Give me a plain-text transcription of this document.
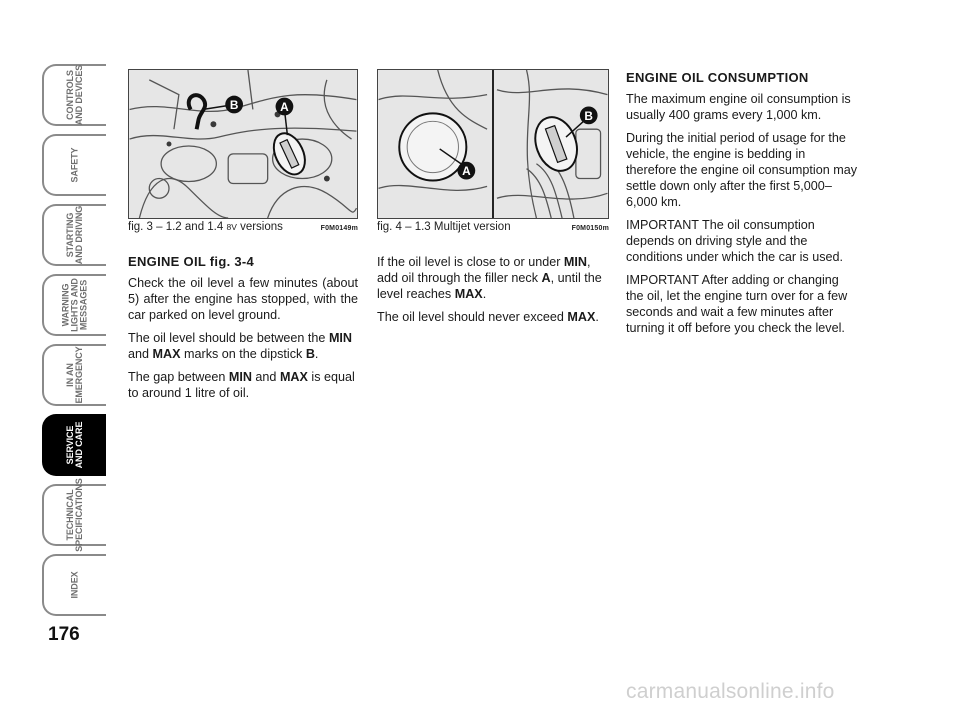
CONTROLS
AND DEVICES
SAFETY
STARTING
AND DRIVING
WARNING
LIGHTS AND
MESSAGES
IN AN
EMERGENCY
SERVICE
AND CARE
TECHNICAL
SPECIFICATIONS
INDEX
176
B	A
fig. 3 – 1.2 and 1.4 8V versions	F0M0149m
A
B
fig. 4 – 1.3 Multijet version	F0M0150m

ENGINE OIL fig. 3-4

Check the oil level a few minutes (about 5) after the engine has stopped, with the car parked on level ground.

The oil level should be between the MIN and MAX marks on the dipstick B.

The gap between MIN and MAX is equal to around 1 litre of oil.

If the oil level is close to or under MIN, add oil through the filler neck A, until the level reaches MAX.

The oil level should never exceed MAX.

ENGINE OIL CONSUMPTION

The maximum engine oil consumption is usually 400 grams every 1,000 km.

During the initial period of usage for the vehicle, the engine is bedding in therefore the engine oil consumption may settle down only after the first 5,000–6,000 km.

IMPORTANT The oil consumption depends on driving style and the conditions under which the car is used.

IMPORTANT After adding or changing the oil, let the engine turn over for a few seconds and wait a few minutes after turning it off before you check the level.

carmanualsonline.info
